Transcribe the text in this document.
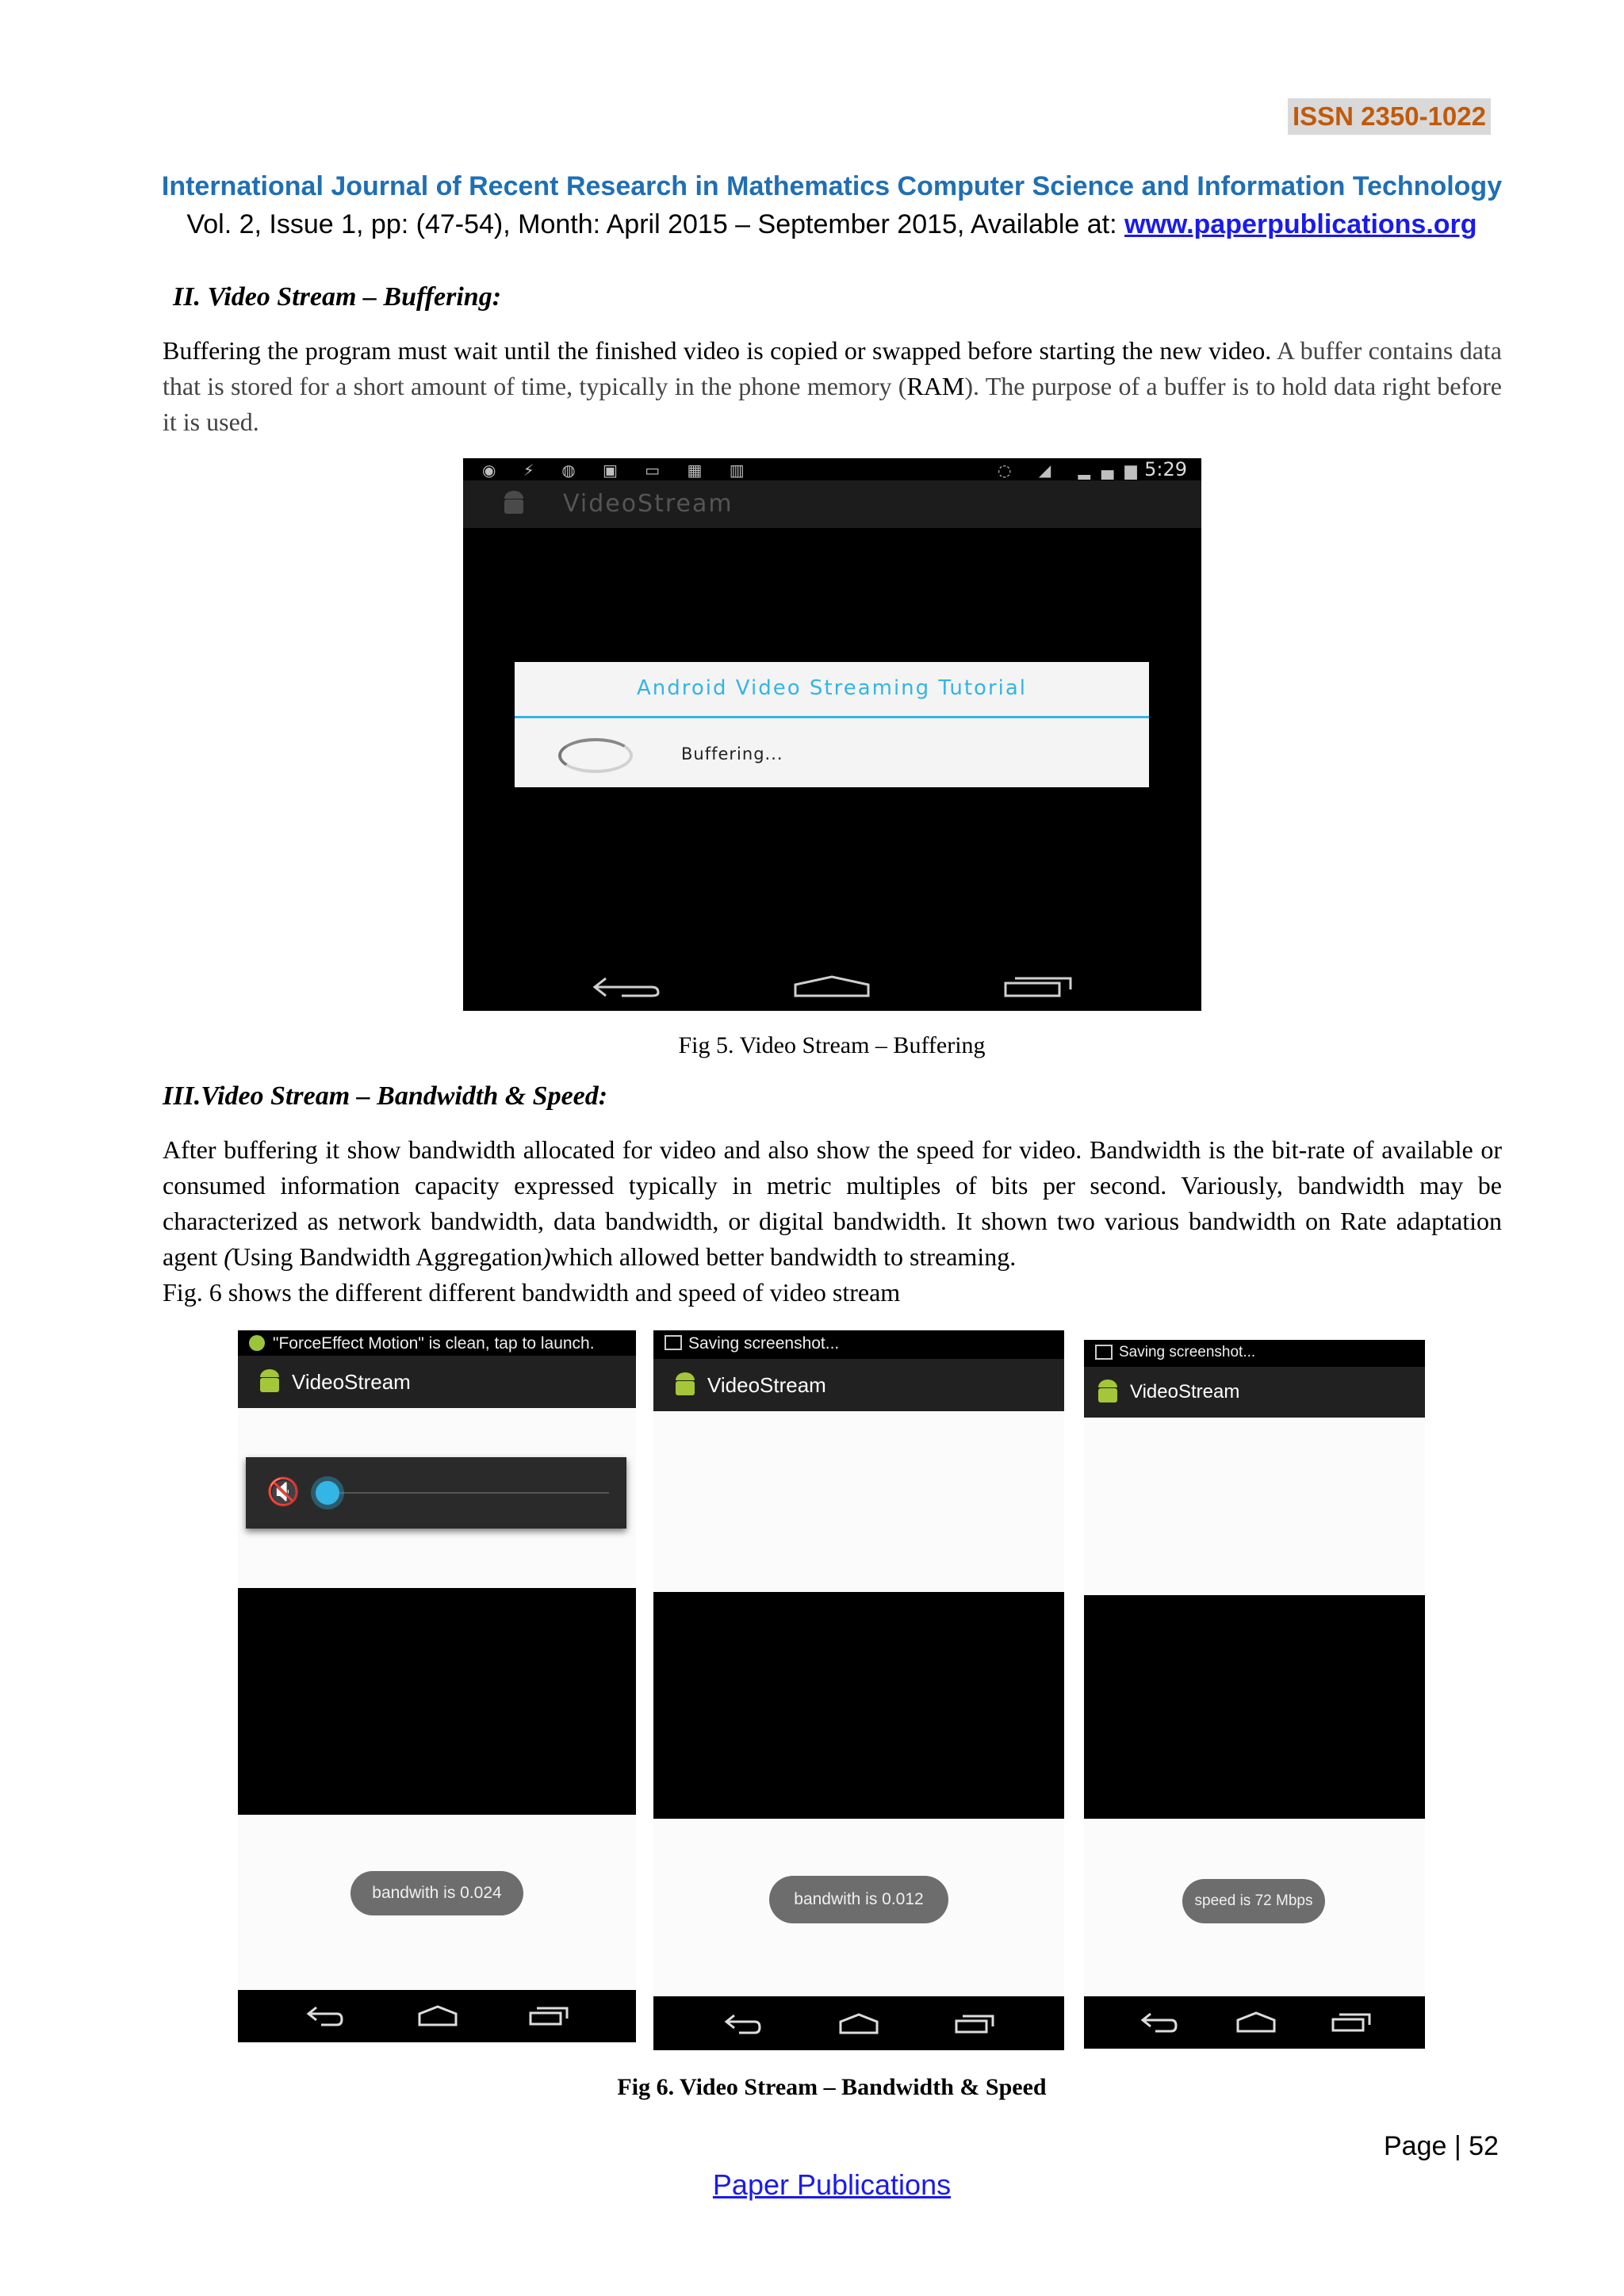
ISSN 2350-1022
International Journal of Recent Research in Mathematics Computer Science and Information Technology
Vol. 2, Issue 1, pp: (47-54), Month: April 2015 – September 2015, Available at: www.paperpublications.org
II. Video Stream – Buffering:
Buffering the program must wait until the finished video is copied or swapped before starting the new video. A buffer contains data that is stored for a short amount of time, typically in the phone memory (RAM). The purpose of a buffer is to hold data right before it is used.
◉ ⚡ ◍ ▣ ▭ ▦ ▥               ◌ ◢ ▂▄▆
5:29
VideoStream
Android Video Streaming Tutorial
Buffering...
Fig 5. Video Stream – Buffering
III.Video Stream – Bandwidth & Speed:
After buffering it show bandwidth allocated for video and also show the speed for video. Bandwidth is the bit-rate of available or consumed information capacity expressed typically in metric multiples of bits per second. Variously, bandwidth may be characterized as network bandwidth, data bandwidth, or digital bandwidth. It shown two various bandwidth on Rate adaptation agent (Using Bandwidth Aggregation)which allowed better bandwidth to streaming.
Fig. 6 shows the different different bandwidth and speed of video stream
"ForceEffect Motion" is clean, tap to launch.
VideoStream
🔇
bandwith is 0.024
Saving screenshot...
VideoStream
bandwith is 0.012
Saving screenshot...
VideoStream
speed is 72 Mbps
Fig 6. Video Stream – Bandwidth & Speed
Page | 52
Paper Publications
